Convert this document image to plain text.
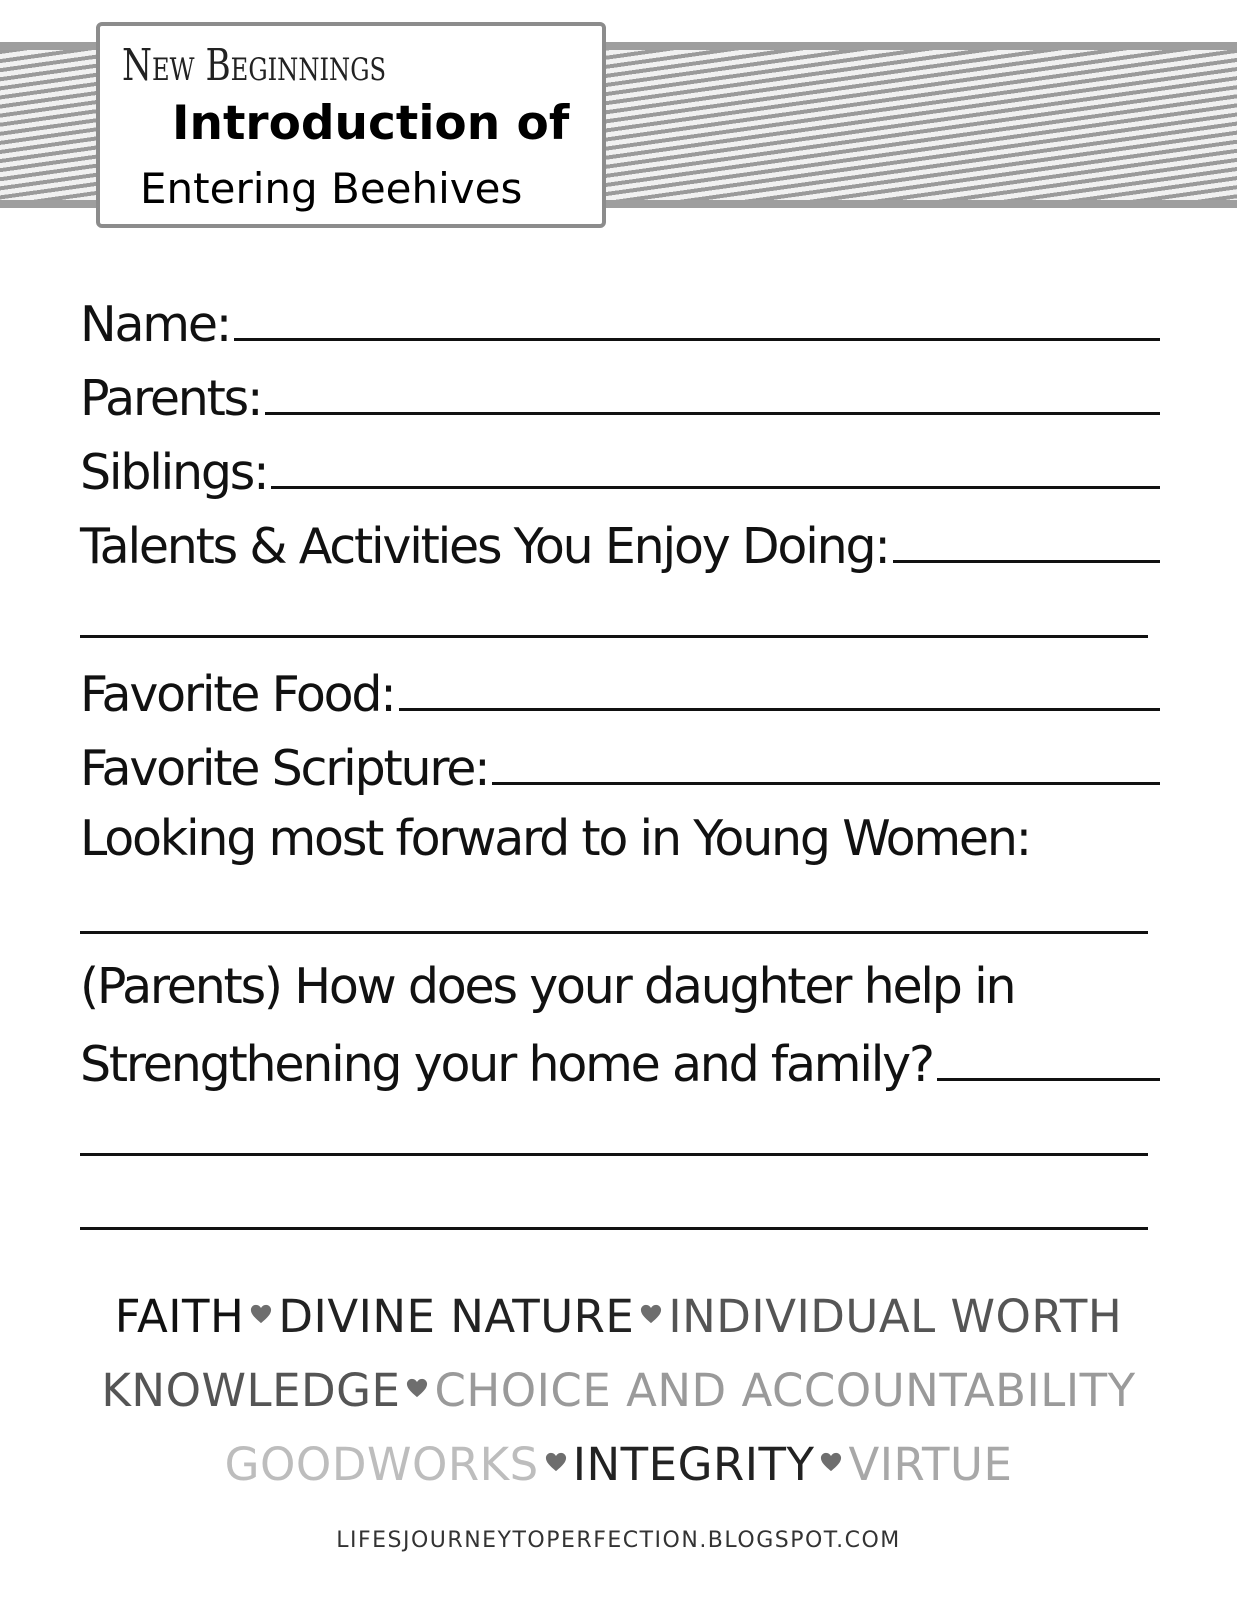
New Beginnings
Introduction of
Entering Beehives
Name:
Parents:
Siblings:
Talents & Activities You Enjoy Doing:
Favorite Food:
Favorite Scripture:
Looking most forward to in Young Women:
(Parents) How does your daughter help in
Strengthening your home and family?
FAITH DIVINE NATURE INDIVIDUAL WORTH
KNOWLEDGE CHOICE AND ACCOUNTABILITY
GOODWORKS INTEGRITY VIRTUE
LIFESJOURNEYTOPERFECTION.BLOGSPOT.COM
